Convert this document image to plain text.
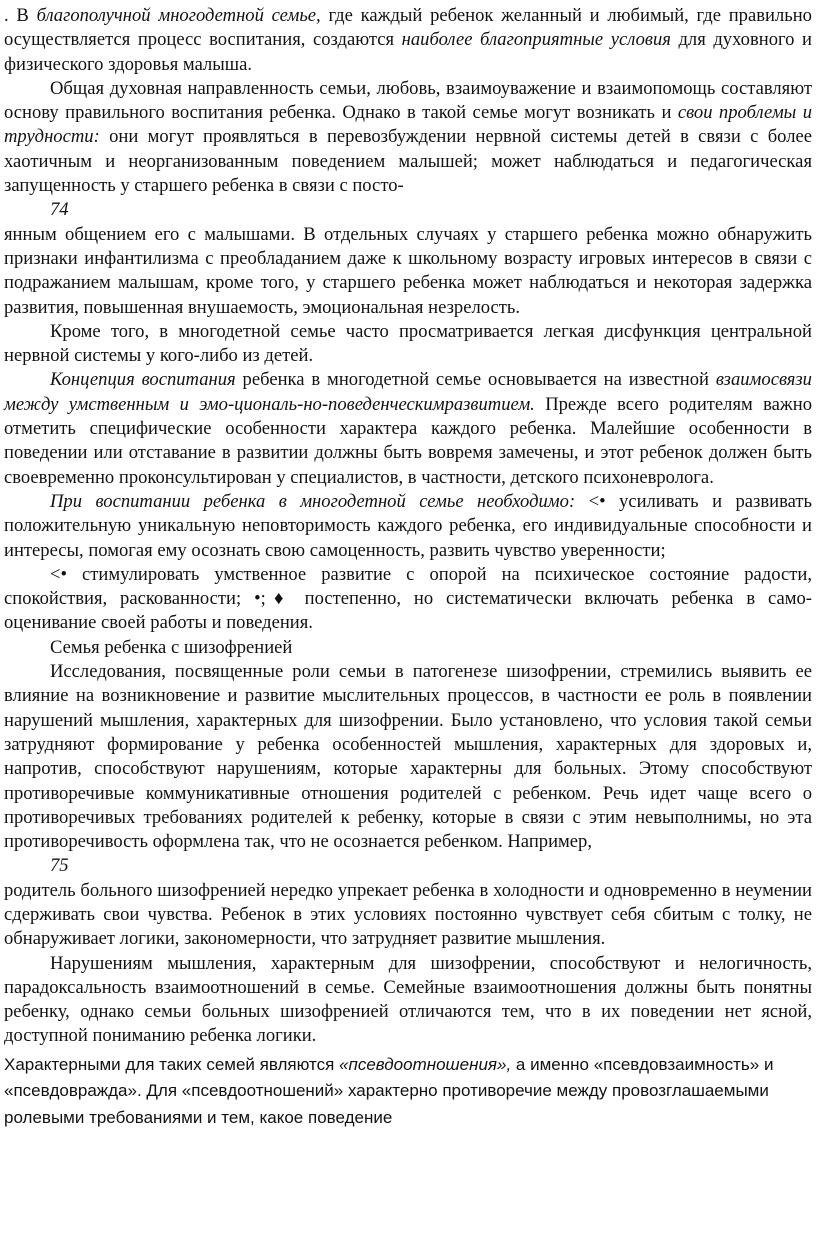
. В благополучной многодетной семье, где каждый ребенок желанный и любимый, где правильно осуществляется процесс воспитания, создаются наиболее благоприятные условия для духовного и физического здоровья малыша.

Общая духовная направленность семьи, любовь, взаимоуважение и взаимопомощь составляют основу правильного воспитания ребенка. Однако в такой семье могут возникать и свои проблемы и трудности: они могут проявляться в перевозбуждении нервной системы детей в связи с более хаотичным и неорганизованным поведением малышей; может наблюдаться и педагогическая запущенность у старшего ребенка в связи с посто-

74

янным общением его с малышами. В отдельных случаях у старшего ребенка можно обнаружить признаки инфантилизма с преобладанием даже к школьному возрасту игровых интересов в связи с подражанием малышам, кроме того, у старшего ребенка может наблюдаться и некоторая задержка развития, повышенная внушаемость, эмоциональная незрелость.

Кроме того, в многодетной семье часто просматривается легкая дисфункция центральной нервной системы у кого-либо из детей.

Концепция воспитания ребенка в многодетной семье основывается на известной взаимосвязи между умственным и эмо-циональ-но-поведенческимразвитием. Прежде всего родителям важно отметить специфические особенности характера каждого ребенка. Малейшие особенности в поведении или отставание в развитии должны быть вовремя замечены, и этот ребенок должен быть своевременно проконсультирован у специалистов, в частности, детского психоневролога.

При воспитании ребенка в многодетной семье необходимо: <• усиливать и развивать положительную уникальную неповторимость каждого ребенка, его индивидуальные способности и интересы, помогая ему осознать свою самоценность, развить чувство уверенности;

<• стимулировать умственное развитие с опорой на психическое состояние радости, спокойствия, раскованности; •;♦ постепенно, но систематически включать ребенка в само-оценивание своей работы и поведения.

Семья ребенка с шизофренией

Исследования, посвященные роли семьи в патогенезе шизофрении, стремились выявить ее влияние на возникновение и развитие мыслительных процессов, в частности ее роль в появлении нарушений мышления, характерных для шизофрении. Было установлено, что условия такой семьи затрудняют формирование у ребенка особенностей мышления, характерных для здоровых и, напротив, способствуют нарушениям, которые характерны для больных. Этому способствуют противоречивые коммуникативные отношения родителей с ребенком. Речь идет чаще всего о противоречивых требованиях родителей к ребенку, которые в связи с этим невыполнимы, но эта противоречивость оформлена так, что не осознается ребенком. Например,

75

родитель больного шизофренией нередко упрекает ребенка в холодности и одновременно в неумении сдерживать свои чувства. Ребенок в этих условиях постоянно чувствует себя сбитым с толку, не обнаруживает логики, закономерности, что затрудняет развитие мышления.

Нарушениям мышления, характерным для шизофрении, способствуют и нелогичность, парадоксальность взаимоотношений в семье. Семейные взаимоотношения должны быть понятны ребенку, однако семьи больных шизофренией отличаются тем, что в их поведении нет ясной, доступной пониманию ребенка логики.

Характерными для таких семей являются «псевдоотношения», а именно «псевдовзаимность» и «псевдовражда». Для «псевдоотношений» характерно противоречие между провозглашаемыми ролевыми требованиями и тем, какое поведение
